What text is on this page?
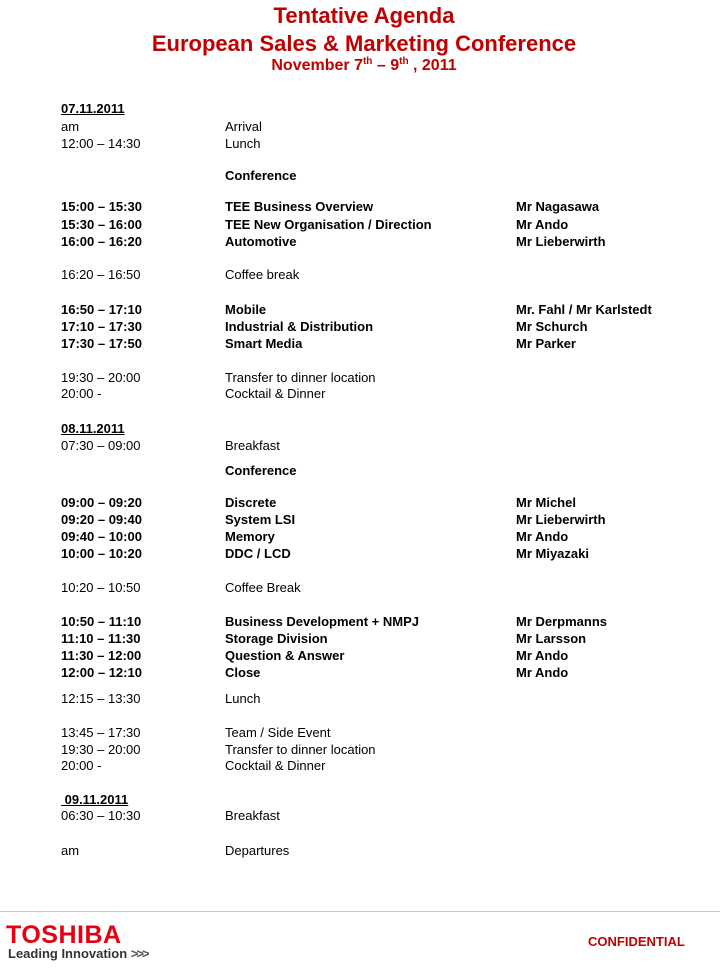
Tentative Agenda
European Sales & Marketing Conference
November 7th – 9th , 2011
07.11.2011
am	Arrival
12:00 – 14:30	Lunch
Conference
15:00 – 15:30	TEE Business Overview	Mr Nagasawa
15:30 – 16:00	TEE New Organisation / Direction	Mr Ando
16:00 – 16:20	Automotive	Mr Lieberwirth
16:20 – 16:50	Coffee break
16:50 – 17:10	Mobile	Mr. Fahl / Mr Karlstedt
17:10 – 17:30	Industrial & Distribution	Mr Schurch
17:30 – 17:50	Smart Media	Mr Parker
19:30 – 20:00	Transfer to dinner location
20:00 -	Cocktail & Dinner
08.11.2011
07:30 – 09:00	Breakfast
Conference
09:00 – 09:20	Discrete	Mr Michel
09:20 – 09:40	System LSI	Mr Lieberwirth
09:40 – 10:00	Memory	Mr Ando
10:00 – 10:20	DDC / LCD	Mr Miyazaki
10:20 – 10:50	Coffee Break
10:50 – 11:10	Business Development + NMPJ	Mr Derpmanns
11:10 – 11:30	Storage Division	Mr Larsson
11:30 – 12:00	Question & Answer	Mr Ando
12:00 – 12:10	Close	Mr Ando
12:15 – 13:30	Lunch
13:45 – 17:30	Team / Side Event
19:30 – 20:00	Transfer to dinner location
20:00 -	Cocktail & Dinner
09.11.2011
06:30 – 10:30	Breakfast
am	Departures
TOSHIBA
Leading Innovation >>>
CONFIDENTIAL
